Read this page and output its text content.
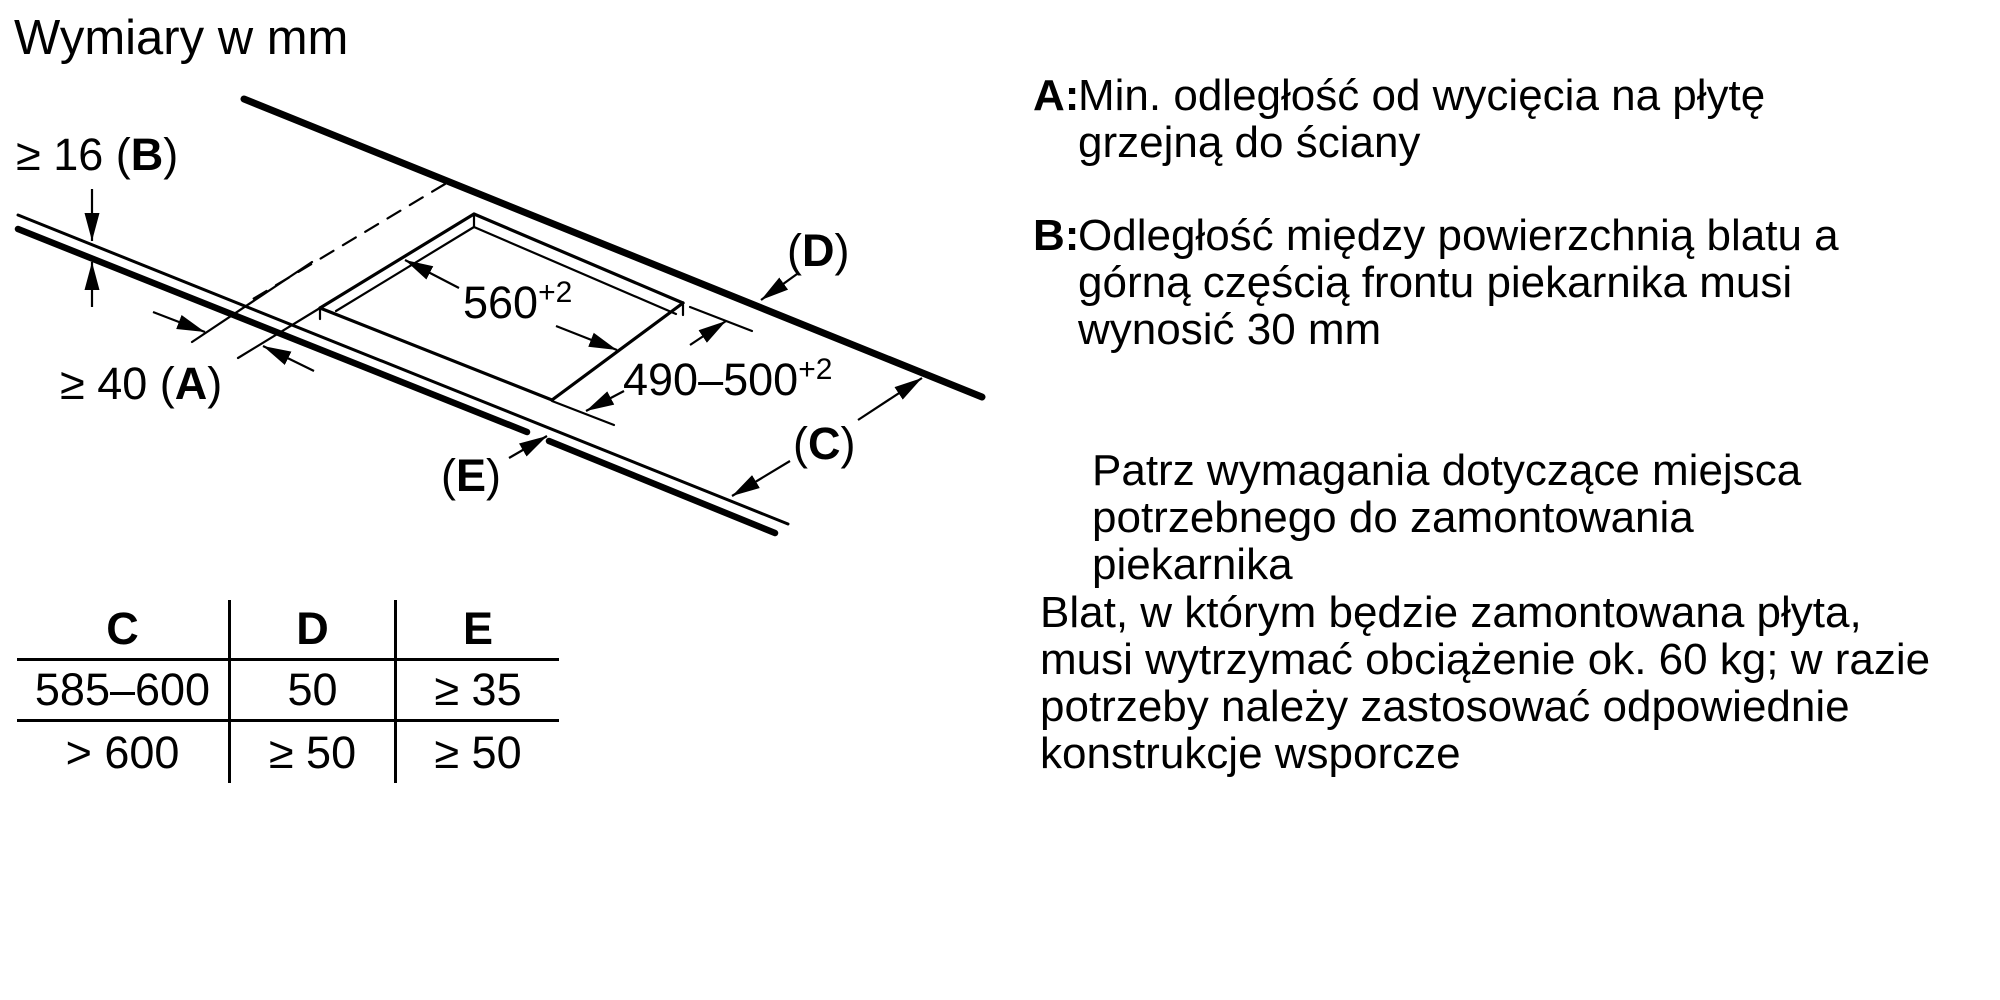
Wymiary w mm
≥ 16 (B)
≥ 40 (A)
(D)
(C)
(E)
$560^{+2}$
$490-500^{+2}$
C	D	E
585–600	50	≥ 35
> 600	≥ 50	≥ 50
A:
Min. odległość od wycięcia na płytę
grzejną do ściany
B:
Odległość między powierzchnią blatu a
górną częścią frontu piekarnika musi
wynosić 30 mm
Patrz wymagania dotyczące miejsca
potrzebnego do zamontowania
piekarnika
Blat, w którym będzie zamontowana płyta,
musi wytrzymać obciążenie ok. 60 kg; w razie
potrzeby należy zastosować odpowiednie
konstrukcje wsporcze
